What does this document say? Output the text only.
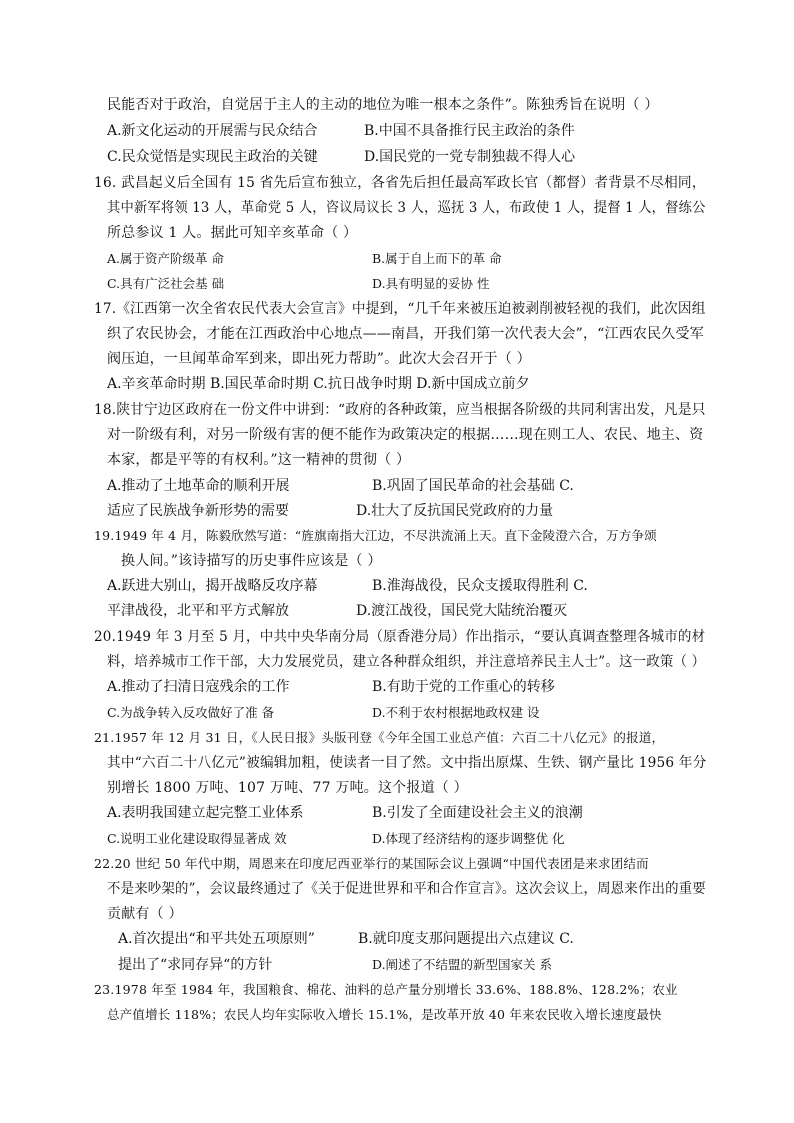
民能否对于政治，自觉居于主人的主动的地位为唯一根本之条件”。陈独秀旨在说明（ ）
A.新文化运动的开展需与民众结合	B.中国不具备推行民主政治的条件
C.民众觉悟是实现民主政治的关键	D.国民党的一党专制独裁不得人心
16. 武昌起义后全国有 15 省先后宣布独立，各省先后担任最高军政长官（都督）者背景不尽相同，
其中新军将领 13 人，革命党 5 人，咨议局议长 3 人，巡抚 3 人，布政使 1 人，提督 1 人，督练公
所总参议 1 人。据此可知辛亥革命（ ）
A.属于资产阶级革 命	B.属于自上而下的革 命
C.具有广泛社会基 础	D.具有明显的妥协 性
17.《江西第一次全省农民代表大会宣言》中提到，“几千年来被压迫被剥削被轻视的我们，此次因组
织了农民协会，才能在江西政治中心地点——南昌，开我们第一次代表大会”，“江西农民久受军
阀压迫，一旦闻革命军到来，即出死力帮助”。此次大会召开于（ ）
A.辛亥革命时期 B.国民革命时期 C.抗日战争时期 D.新中国成立前夕
18.陕甘宁边区政府在一份文件中讲到：“政府的各种政策，应当根据各阶级的共同利害出发，凡是只
对一阶级有利，对另一阶级有害的便不能作为政策决定的根据……现在则工人、农民、地主、资
本家，都是平等的有权利。”这一精神的贯彻（ ）
A.推动了土地革命的顺利开展	B.巩固了国民革命的社会基础 C.
适应了民族战争新形势的需要	D.壮大了反抗国民党政府的力量
19.1949 年 4 月，陈毅欣然写道：“旌旗南指大江边，不尽洪流涌上天。直下金陵澄六合，万方争颂
换人间。”该诗描写的历史事件应该是（ ）
A.跃进大别山，揭开战略反攻序幕	B.淮海战役，民众支援取得胜利 C.
平津战役，北平和平方式解放	D.渡江战役，国民党大陆统治覆灭
20.1949 年 3 月至 5 月，中共中央华南分局（原香港分局）作出指示，“要认真调查整理各城市的材
料，培养城市工作干部，大力发展党员，建立各种群众组织，并注意培养民主人士”。这一政策（ ）
A.推动了扫清日寇残余的工作	B.有助于党的工作重心的转移
C.为战争转入反攻做好了准 备	D.不利于农村根据地政权建 设
21.1957 年 12 月 31 日，《人民日报》头版刊登《今年全国工业总产值：六百二十八亿元》的报道，
其中“六百二十八亿元”被编辑加粗，使读者一目了然。文中指出原煤、生铁、钢产量比 1956 年分
别增长 1800 万吨、107 万吨、77 万吨。这个报道（ ）
A.表明我国建立起完整工业体系	B.引发了全面建设社会主义的浪潮
C.说明工业化建设取得显著成 效	D.体现了经济结构的逐步调整优 化
22.20 世纪 50 年代中期，周恩来在印度尼西亚举行的某国际会议上强调“中国代表团是来求团结而
不是来吵架的”，会议最终通过了《关于促进世界和平和合作宣言》。这次会议上，周恩来作出的重要
贡献有（ ）
A.首次提出“和平共处五项原则”	B.就印度支那问题提出六点建议 C.
提出了“求同存异“的方针	D.阐述了不结盟的新型国家关 系
23.1978 年至 1984 年，我国粮食、棉花、油料的总产量分别增长 33.6%、188.8%、128.2%；农业
总产值增长 118%；农民人均年实际收入增长 15.1%，是改革开放 40 年来农民收入增长速度最快
